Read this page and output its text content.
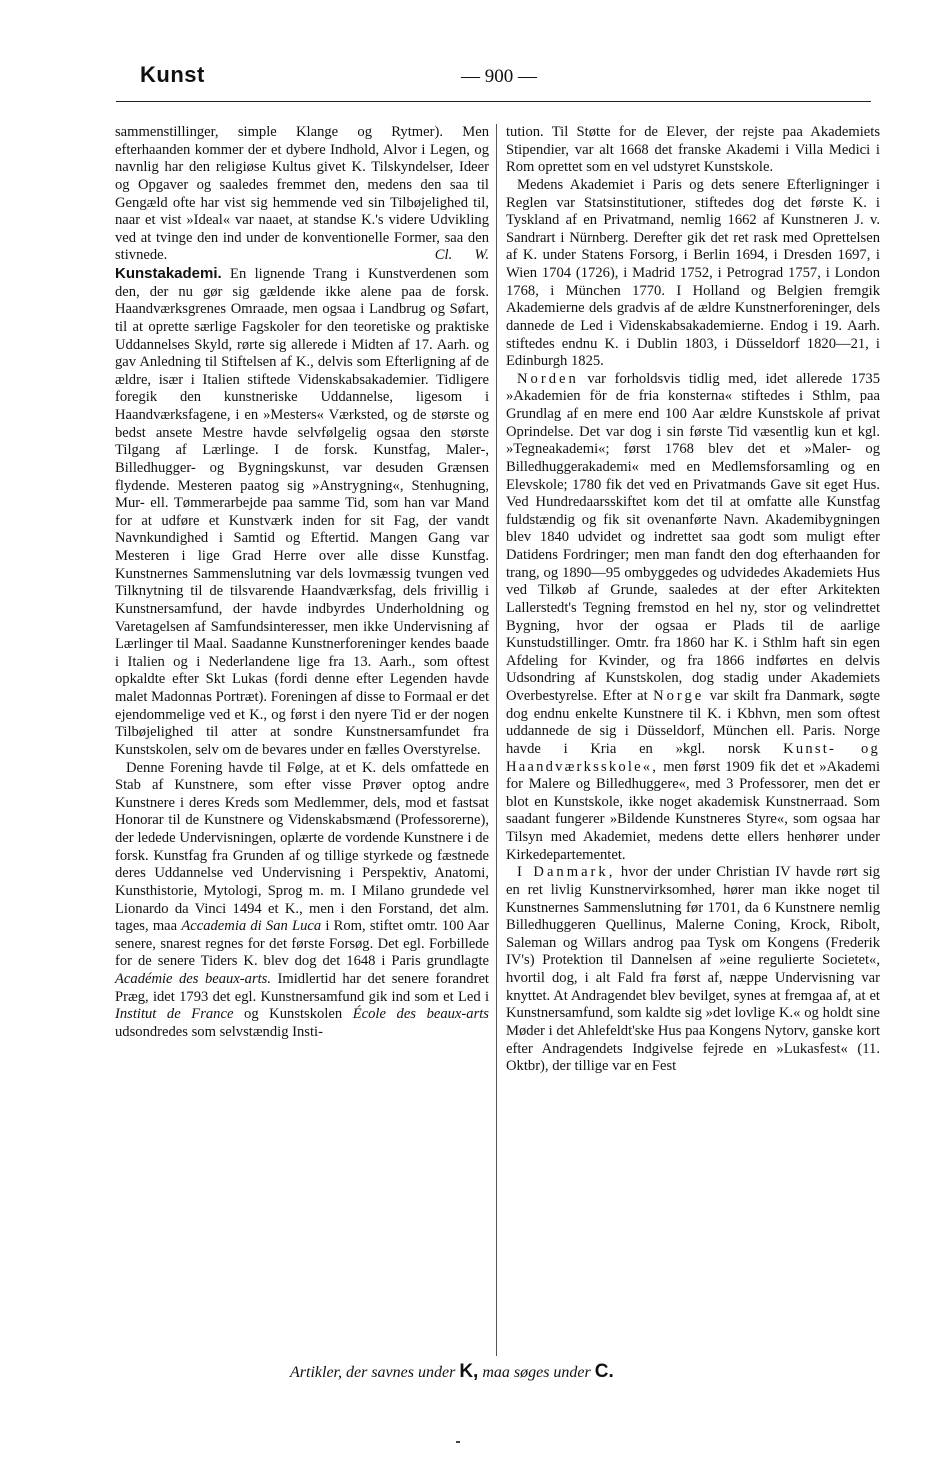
Kunst	— 900 —

sammenstillinger, simple Klange og Rytmer). Men efterhaanden kommer der et dybere Indhold, Alvor i Legen, og navnlig har den religiøse Kultus givet K. Tilskyndelser, Ideer og Opgaver og saaledes fremmet den, medens den saa til Gengæld ofte har vist sig hemmende ved sin Tilbøjelighed til, naar et vist »Ideal« var naaet, at standse K.'s videre Udvikling ved at tvinge den ind under de konventionelle Former, saa den stivnede.	Cl. W.

Kunstakademi. En lignende Trang i Kunstverdenen som den, der nu gør sig gældende ikke alene paa de forsk. Haandværksgrenes Omraade, men ogsaa i Landbrug og Søfart, til at oprette særlige Fagskoler for den teoretiske og praktiske Uddannelses Skyld, rørte sig allerede i Midten af 17. Aarh. og gav Anledning til Stiftelsen af K., delvis som Efterligning af de ældre, især i Italien stiftede Videnskabsakademier. Tidligere foregik den kunstneriske Uddannelse, ligesom i Haandværksfagene, i en »Mesters« Værksted, og de største og bedst ansete Mestre havde selvfølgelig ogsaa den største Tilgang af Lærlinge. I de forsk. Kunstfag, Maler-, Billedhugger- og Bygningskunst, var desuden Grænsen flydende. Mesteren paatog sig »Anstrygning«, Stenhugning, Mur- ell. Tømmerarbejde paa samme Tid, som han var Mand for at udføre et Kunstværk inden for sit Fag, der vandt Navnkundighed i Samtid og Eftertid. Mangen Gang var Mesteren i lige Grad Herre over alle disse Kunstfag. Kunstnernes Sammenslutning var dels lovmæssig tvungen ved Tilknytning til de tilsvarende Haandværksfag, dels frivillig i Kunstnersamfund, der havde indbyrdes Underholdning og Varetagelsen af Samfundsinteresser, men ikke Undervisning af Lærlinger til Maal. Saadanne Kunstnerforeninger kendes baade i Italien og i Nederlandene lige fra 13. Aarh., som oftest opkaldte efter Skt Lukas (fordi denne efter Legenden havde malet Madonnas Portræt). Foreningen af disse to Formaal er det ejendommelige ved et K., og først i den nyere Tid er der nogen Tilbøjelighed til atter at sondre Kunstnersamfundet fra Kunstskolen, selv om de bevares under en fælles Overstyrelse.

Denne Forening havde til Følge, at et K. dels omfattede en Stab af Kunstnere, som efter visse Prøver optog andre Kunstnere i deres Kreds som Medlemmer, dels, mod et fastsat Honorar til de Kunstnere og Videnskabsmænd (Professorerne), der ledede Undervisningen, oplærte de vordende Kunstnere i de forsk. Kunstfag fra Grunden af og tillige styrkede og fæstnede deres Uddannelse ved Undervisning i Perspektiv, Anatomi, Kunsthistorie, Mytologi, Sprog m. m. I Milano grundede vel Lionardo da Vinci 1494 et K., men i den Forstand, det alm. tages, maa Accademia di San Luca i Rom, stiftet omtr. 100 Aar senere, snarest regnes for det første Forsøg. Det egl. Forbillede for de senere Tiders K. blev dog det 1648 i Paris grundlagte Académie des beaux-arts. Imidlertid har det senere forandret Præg, idet 1793 det egl. Kunstnersamfund gik ind som et Led i Institut de France og Kunstskolen École des beaux-arts udsondredes som selvstændig Insti-

tution. Til Støtte for de Elever, der rejste paa Akademiets Stipendier, var alt 1668 det franske Akademi i Villa Medici i Rom oprettet som en vel udstyret Kunstskole.

Medens Akademiet i Paris og dets senere Efterligninger i Reglen var Statsinstitutioner, stiftedes dog det første K. i Tyskland af en Privatmand, nemlig 1662 af Kunstneren J. v. Sandrart i Nürnberg. Derefter gik det ret rask med Oprettelsen af K. under Statens Forsorg, i Berlin 1694, i Dresden 1697, i Wien 1704 (1726), i Madrid 1752, i Petrograd 1757, i London 1768, i München 1770. I Holland og Belgien fremgik Akademierne dels gradvis af de ældre Kunstnerforeninger, dels dannede de Led i Videnskabsakademierne. Endog i 19. Aarh. stiftedes endnu K. i Dublin 1803, i Düsseldorf 1820—21, i Edinburgh 1825.

Norden var forholdsvis tidlig med, idet allerede 1735 »Akademien för de fria konsterna« stiftedes i Sthlm, paa Grundlag af en mere end 100 Aar ældre Kunstskole af privat Oprindelse. Det var dog i sin første Tid væsentlig kun et kgl. »Tegneakademi«; først 1768 blev det et »Maler- og Billedhuggerakademi« med en Medlemsforsamling og en Elevskole; 1780 fik det ved en Privatmands Gave sit eget Hus. Ved Hundredaarsskiftet kom det til at omfatte alle Kunstfag fuldstændig og fik sit ovenanførte Navn. Akademibygningen blev 1840 udvidet og indrettet saa godt som muligt efter Datidens Fordringer; men man fandt den dog efterhaanden for trang, og 1890—95 ombyggedes og udvidedes Akademiets Hus ved Tilkøb af Grunde, saaledes at der efter Arkitekten Lallerstedt's Tegning fremstod en hel ny, stor og velindrettet Bygning, hvor der ogsaa er Plads til de aarlige Kunstudstillinger. Omtr. fra 1860 har K. i Sthlm haft sin egen Afdeling for Kvinder, og fra 1866 indførtes en delvis Udsondring af Kunstskolen, dog stadig under Akademiets Overbestyrelse. Efter at Norge var skilt fra Danmark, søgte dog endnu enkelte Kunstnere til K. i Kbhvn, men som oftest uddannede de sig i Düsseldorf, München ell. Paris. Norge havde i Kria en »kgl. norsk Kunst- og Haandværksskole«, men først 1909 fik det et »Akademi for Malere og Billedhuggere«, med 3 Professorer, men det er blot en Kunstskole, ikke noget akademisk Kunstnerraad. Som saadant fungerer »Bildende Kunstneres Styre«, som ogsaa har Tilsyn med Akademiet, medens dette ellers henhører under Kirkedepartementet.

I Danmark, hvor der under Christian IV havde rørt sig en ret livlig Kunstnervirksomhed, hører man ikke noget til Kunstnernes Sammenslutning før 1701, da 6 Kunstnere nemlig Billedhuggeren Quellinus, Malerne Coning, Krock, Ribolt, Saleman og Willars androg paa Tysk om Kongens (Frederik IV's) Protektion til Dannelsen af »eine regulierte Societet«, hvortil dog, i alt Fald fra først af, næppe Undervisning var knyttet. At Andragendet blev bevilget, synes at fremgaa af, at et Kunstnersamfund, som kaldte sig »det lovlige K.« og holdt sine Møder i det Ahlefeldt'ske Hus paa Kongens Nytorv, ganske kort efter Andragendets Indgivelse fejrede en »Lukasfest« (11. Oktbr), der tillige var en Fest

Artikler, der savnes under K, maa søges under C.
